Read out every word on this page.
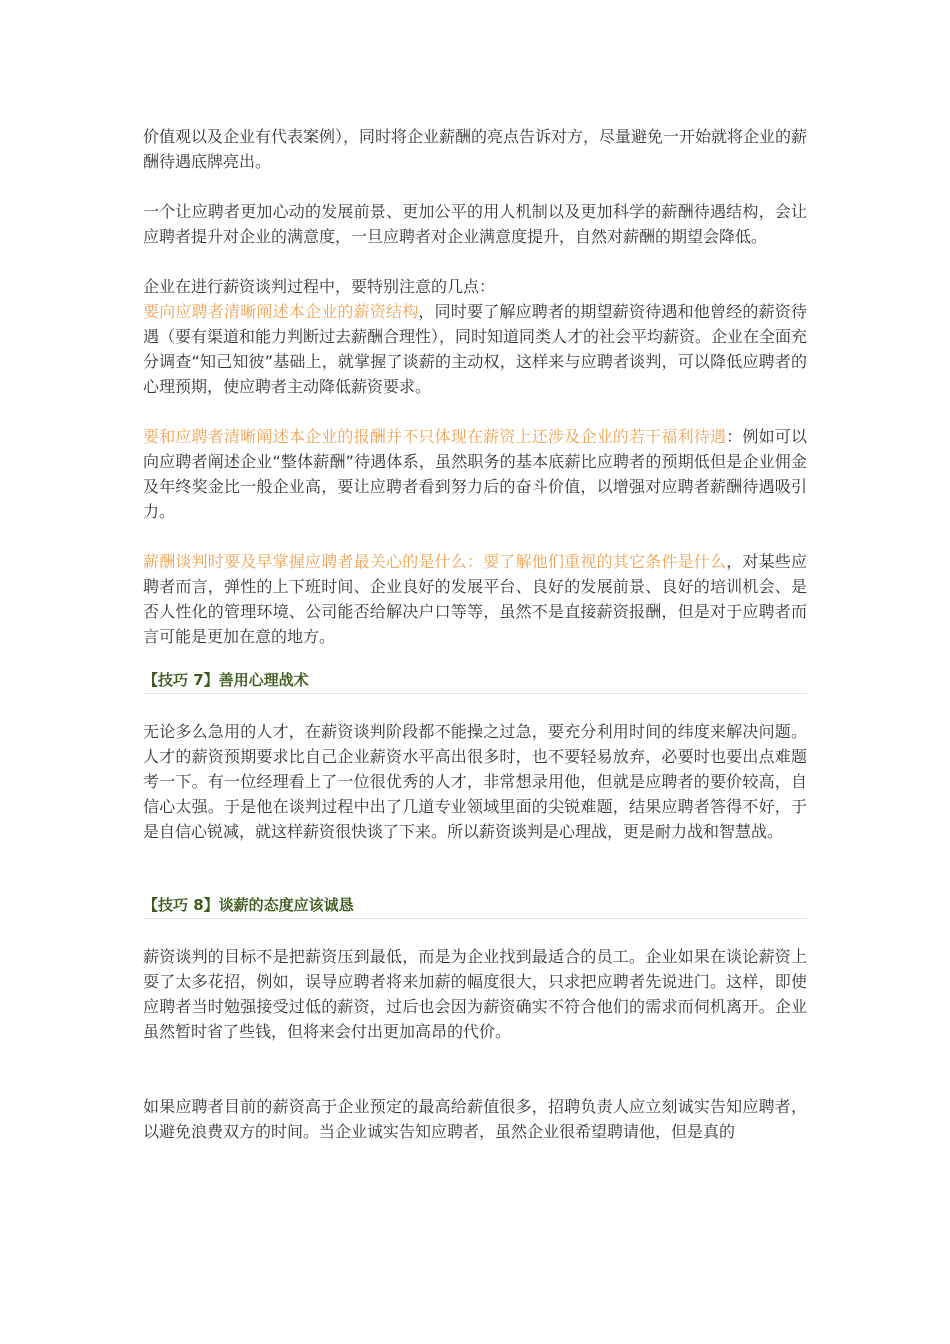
价值观以及企业有代表案例），同时将企业薪酬的亮点告诉对方，尽量避免一开始就将企业的薪酬待遇底牌亮出。

一个让应聘者更加心动的发展前景、更加公平的用人机制以及更加科学的薪酬待遇结构，会让应聘者提升对企业的满意度，一旦应聘者对企业满意度提升，自然对薪酬的期望会降低。

企业在进行薪资谈判过程中，要特别注意的几点：

要向应聘者清晰阐述本企业的薪资结构，同时要了解应聘者的期望薪资待遇和他曾经的薪资待遇（要有渠道和能力判断过去薪酬合理性），同时知道同类人才的社会平均薪资。企业在全面充分调查“知己知彼”基础上，就掌握了谈薪的主动权，这样来与应聘者谈判，可以降低应聘者的心理预期，使应聘者主动降低薪资要求。

要和应聘者清晰阐述本企业的报酬并不只体现在薪资上还涉及企业的若干福利待遇：例如可以向应聘者阐述企业“整体薪酬”待遇体系，虽然职务的基本底薪比应聘者的预期低但是企业佣金及年终奖金比一般企业高，要让应聘者看到努力后的奋斗价值，以增强对应聘者薪酬待遇吸引力。

薪酬谈判时要及早掌握应聘者最关心的是什么：要了解他们重视的其它条件是什么，对某些应聘者而言，弹性的上下班时间、企业良好的发展平台、良好的发展前景、良好的培训机会、是否人性化的管理环境、公司能否给解决户口等等，虽然不是直接薪资报酬，但是对于应聘者而言可能是更加在意的地方。

【技巧 7】善用心理战术

无论多么急用的人才，在薪资谈判阶段都不能操之过急，要充分利用时间的纬度来解决问题。人才的薪资预期要求比自己企业薪资水平高出很多时，也不要轻易放弃，必要时也要出点难题考一下。有一位经理看上了一位很优秀的人才，非常想录用他，但就是应聘者的要价较高，自信心太强。于是他在谈判过程中出了几道专业领域里面的尖锐难题，结果应聘者答得不好，于是自信心锐减，就这样薪资很快谈了下来。所以薪资谈判是心理战，更是耐力战和智慧战。

【技巧 8】谈薪的态度应该诚恳

薪资谈判的目标不是把薪资压到最低，而是为企业找到最适合的员工。企业如果在谈论薪资上耍了太多花招，例如，误导应聘者将来加薪的幅度很大，只求把应聘者先说进门。这样，即使应聘者当时勉强接受过低的薪资，过后也会因为薪资确实不符合他们的需求而伺机离开。企业虽然暂时省了些钱，但将来会付出更加高昂的代价。

如果应聘者目前的薪资高于企业预定的最高给薪值很多，招聘负责人应立刻诚实告知应聘者，以避免浪费双方的时间。当企业诚实告知应聘者，虽然企业很希望聘请他，但是真的
